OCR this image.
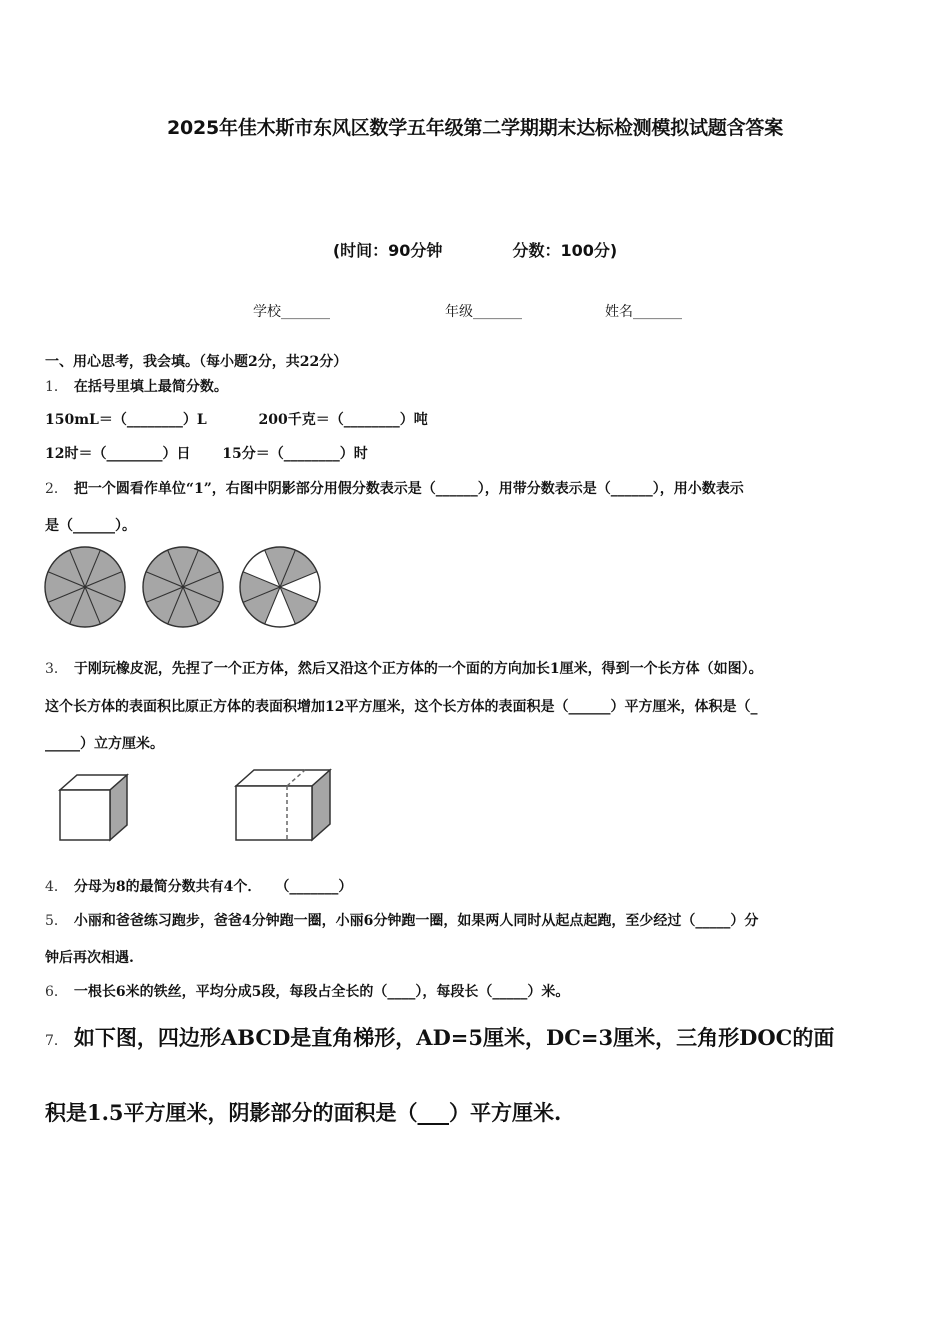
2025年佳木斯市东风区数学五年级第二学期期末达标检测模拟试题含答案
(时间：90分钟	分数：100分)
学校_______	年级_______	姓名_______
一、用心思考，我会填。（每小题2分，共22分）
1． 在括号里填上最简分数。
150mL＝（________）L	200千克＝（________）吨
12时＝（________）日 15分＝（________）时
2． 把一个圆看作单位“1”，右图中阴影部分用假分数表示是（______），用带分数表示是（______），用小数表示
是（______）。
3． 于刚玩橡皮泥，先捏了一个正方体，然后又沿这个正方体的一个面的方向加长1厘米，得到一个长方体（如图）。
这个长方体的表面积比原正方体的表面积增加12平方厘米，这个长方体的表面积是（______）平方厘米，体积是（_
_____）立方厘米。
4． 分母为8的最简分数共有4个．　　（_______）
5． 小丽和爸爸练习跑步，爸爸4分钟跑一圈，小丽6分钟跑一圈，如果两人同时从起点起跑，至少经过（_____）分
钟后再次相遇.
6． 一根长6米的铁丝，平均分成5段，每段占全长的（____），每段长（_____）米。
7． 如下图，四边形ABCD是直角梯形，AD=5厘米，DC=3厘米，三角形DOC的面
积是1.5平方厘米，阴影部分的面积是（___）平方厘米.
